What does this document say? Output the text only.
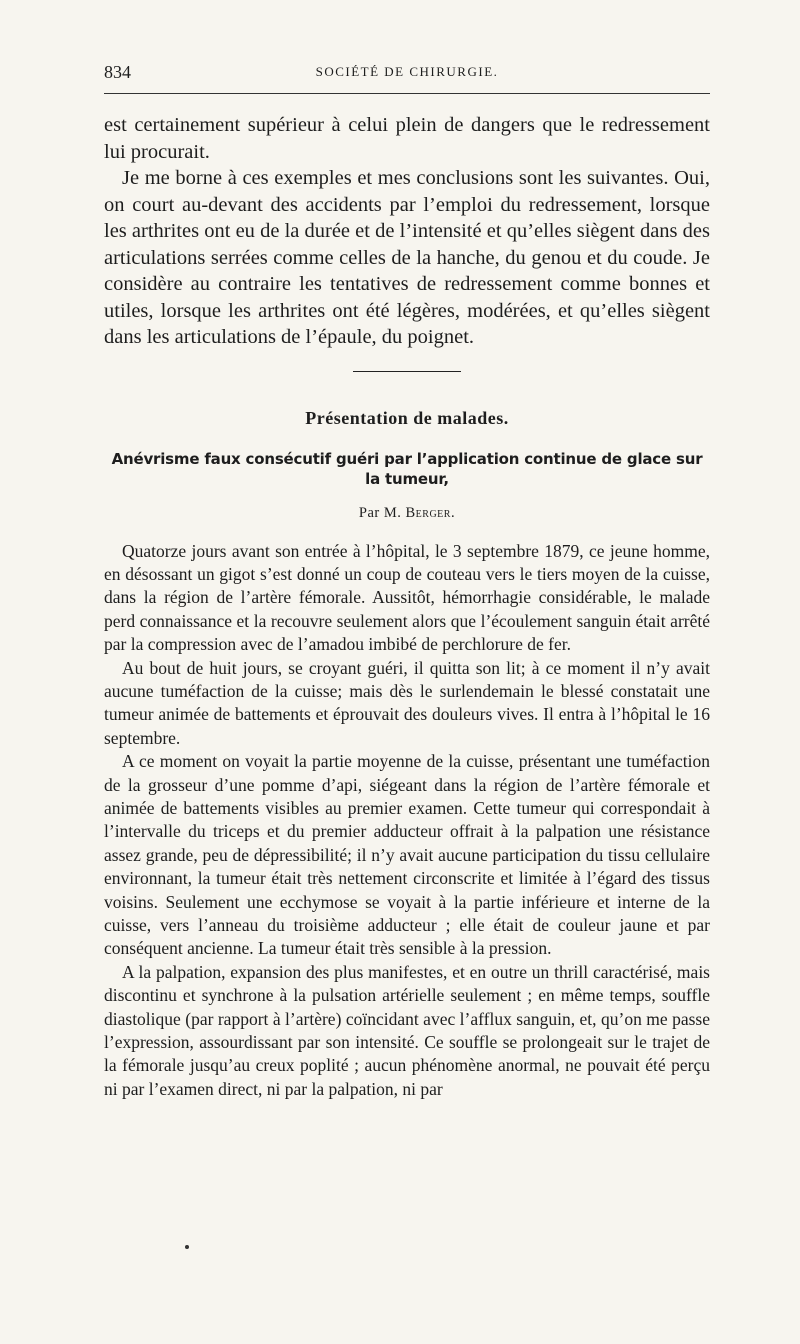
834	SOCIÉTÉ DE CHIRURGIE.

est certainement supérieur à celui plein de dangers que le redressement lui procurait.

Je me borne à ces exemples et mes conclusions sont les suivantes. Oui, on court au-devant des accidents par l’emploi du redressement, lorsque les arthrites ont eu de la durée et de l’intensité et qu’elles siègent dans des articulations serrées comme celles de la hanche, du genou et du coude. Je considère au contraire les tentatives de redressement comme bonnes et utiles, lorsque les arthrites ont été légères, modérées, et qu’elles siègent dans les articulations de l’épaule, du poignet.

Présentation de malades.
Anévrisme faux consécutif guéri par l’application continue de glace sur la tumeur,
Par M. Berger.

Quatorze jours avant son entrée à l’hôpital, le 3 septembre 1879, ce jeune homme, en désossant un gigot s’est donné un coup de couteau vers le tiers moyen de la cuisse, dans la région de l’artère fémorale. Aussitôt, hémorrhagie considérable, le malade perd connaissance et la recouvre seulement alors que l’écoulement sanguin était arrêté par la compression avec de l’amadou imbibé de perchlorure de fer.

Au bout de huit jours, se croyant guéri, il quitta son lit; à ce moment il n’y avait aucune tuméfaction de la cuisse; mais dès le surlendemain le blessé constatait une tumeur animée de battements et éprouvait des douleurs vives. Il entra à l’hôpital le 16 septembre.

A ce moment on voyait la partie moyenne de la cuisse, présentant une tuméfaction de la grosseur d’une pomme d’api, siégeant dans la région de l’artère fémorale et animée de battements visibles au premier examen. Cette tumeur qui correspondait à l’intervalle du triceps et du premier adducteur offrait à la palpation une résistance assez grande, peu de dépressibilité; il n’y avait aucune participation du tissu cellulaire environnant, la tumeur était très nettement circonscrite et limitée à l’égard des tissus voisins. Seulement une ecchymose se voyait à la partie inférieure et interne de la cuisse, vers l’anneau du troisième adducteur ; elle était de couleur jaune et par conséquent ancienne. La tumeur était très sensible à la pression.

A la palpation, expansion des plus manifestes, et en outre un thrill caractérisé, mais discontinu et synchrone à la pulsation artérielle seulement ; en même temps, souffle diastolique (par rapport à l’artère) coïncidant avec l’afflux sanguin, et, qu’on me passe l’expression, assourdissant par son intensité. Ce souffle se prolongeait sur le trajet de la fémorale jusqu’au creux poplité ; aucun phénomène anormal, ne pouvait été perçu ni par l’examen direct, ni par la palpation, ni par
